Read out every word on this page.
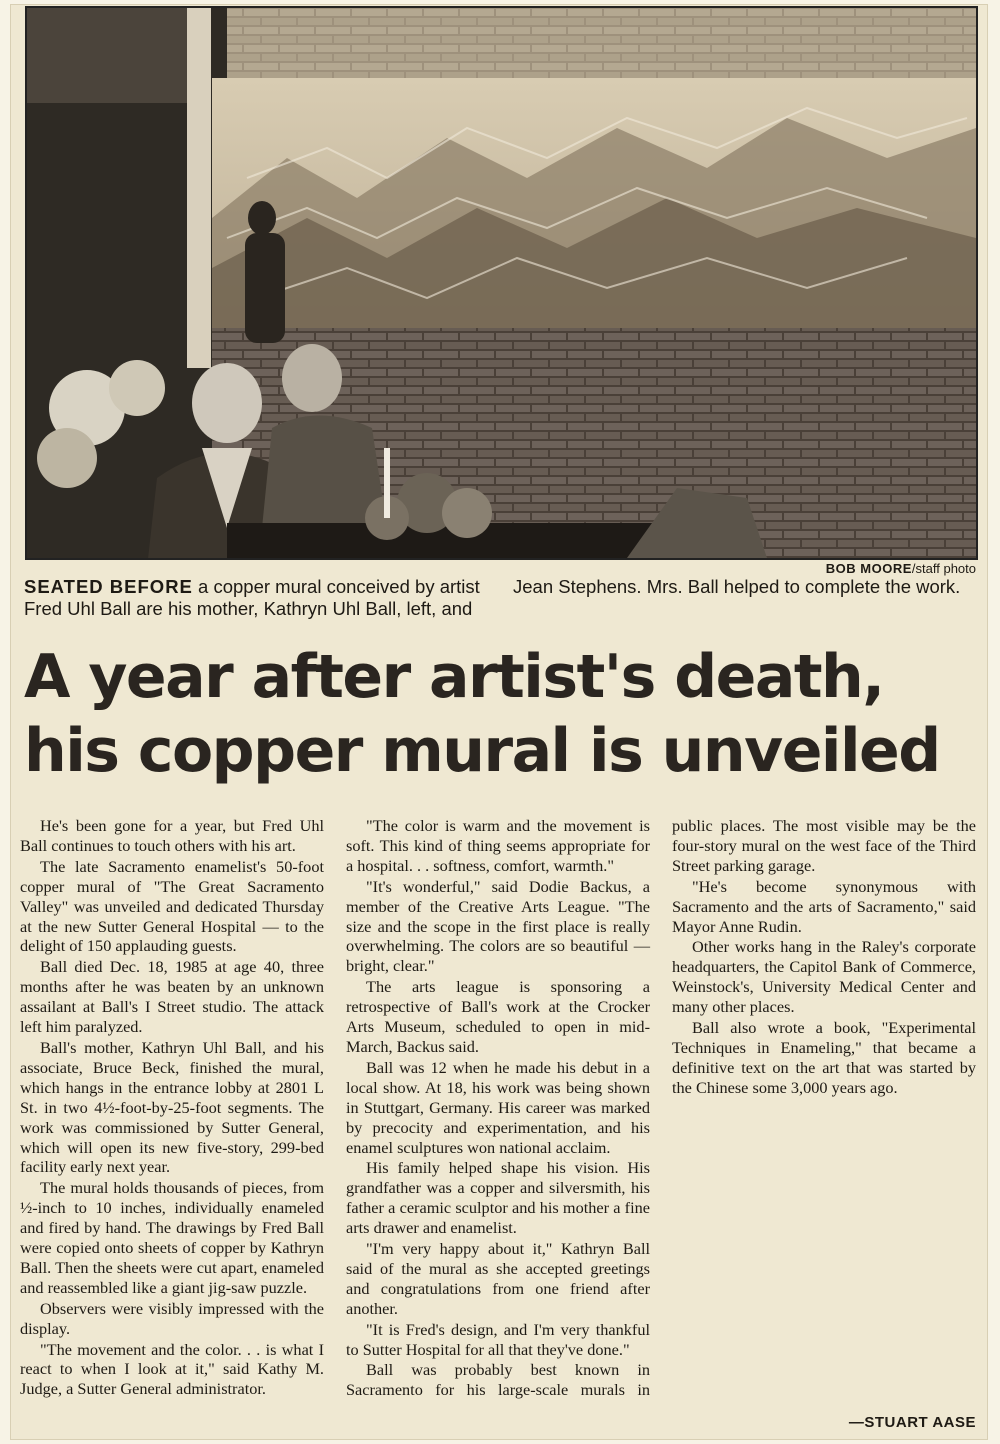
BOB MOORE/staff photo
SEATED BEFORE a copper mural conceived by artist Fred Uhl Ball are his mother, Kathryn Uhl Ball, left, and Jean Stephens. Mrs. Ball helped to complete the work.
A year after artist's death,
his copper mural is unveiled

He's been gone for a year, but Fred Uhl Ball continues to touch others with his art.

The late Sacramento enamelist's 50-foot copper mural of "The Great Sacramento Valley" was unveiled and dedicated Thursday at the new Sutter General Hospital — to the delight of 150 applauding guests.

Ball died Dec. 18, 1985 at age 40, three months after he was beaten by an unknown assailant at Ball's I Street studio. The attack left him paralyzed.

Ball's mother, Kathryn Uhl Ball, and his associate, Bruce Beck, finished the mural, which hangs in the entrance lobby at 2801 L St. in two 4½-foot-by-25-foot segments. The work was commissioned by Sutter General, which will open its new five-story, 299-bed facility early next year.

The mural holds thousands of pieces, from ½-inch to 10 inches, individually enameled and fired by hand. The drawings by Fred Ball were copied onto sheets of copper by Kathryn Ball. Then the sheets were cut apart, enameled and reassembled like a giant jig-saw puzzle.

Observers were visibly impressed with the display.

"The movement and the color. . . is what I react to when I look at it," said Kathy M. Judge, a Sutter General administrator.

"The color is warm and the movement is soft. This kind of thing seems appropriate for a hospital. . . softness, comfort, warmth."

"It's wonderful," said Dodie Backus, a member of the Creative Arts League. "The size and the scope in the first place is really overwhelming. The colors are so beautiful — bright, clear."

The arts league is sponsoring a retrospective of Ball's work at the Crocker Arts Museum, scheduled to open in mid-March, Backus said.

Ball was 12 when he made his debut in a local show. At 18, his work was being shown in Stuttgart, Germany. His career was marked by precocity and experimentation, and his enamel sculptures won national acclaim.

His family helped shape his vision. His grandfather was a copper and silversmith, his father a ceramic sculptor and his mother a fine arts drawer and enamelist.

"I'm very happy about it," Kathryn Ball said of the mural as she accepted greetings and congratulations from one friend after another.

"It is Fred's design, and I'm very thankful to Sutter Hospital for all that they've done."

Ball was probably best known in Sacramento for his large-scale murals in public places. The most visible may be the four-story mural on the west face of the Third Street parking garage.

"He's become synonymous with Sacramento and the arts of Sacramento," said Mayor Anne Rudin.

Other works hang in the Raley's corporate headquarters, the Capitol Bank of Commerce, Weinstock's, University Medical Center and many other places.

Ball also wrote a book, "Experimental Techniques in Enameling," that became a definitive text on the art that was started by the Chinese some 3,000 years ago.

—STUART AASE
